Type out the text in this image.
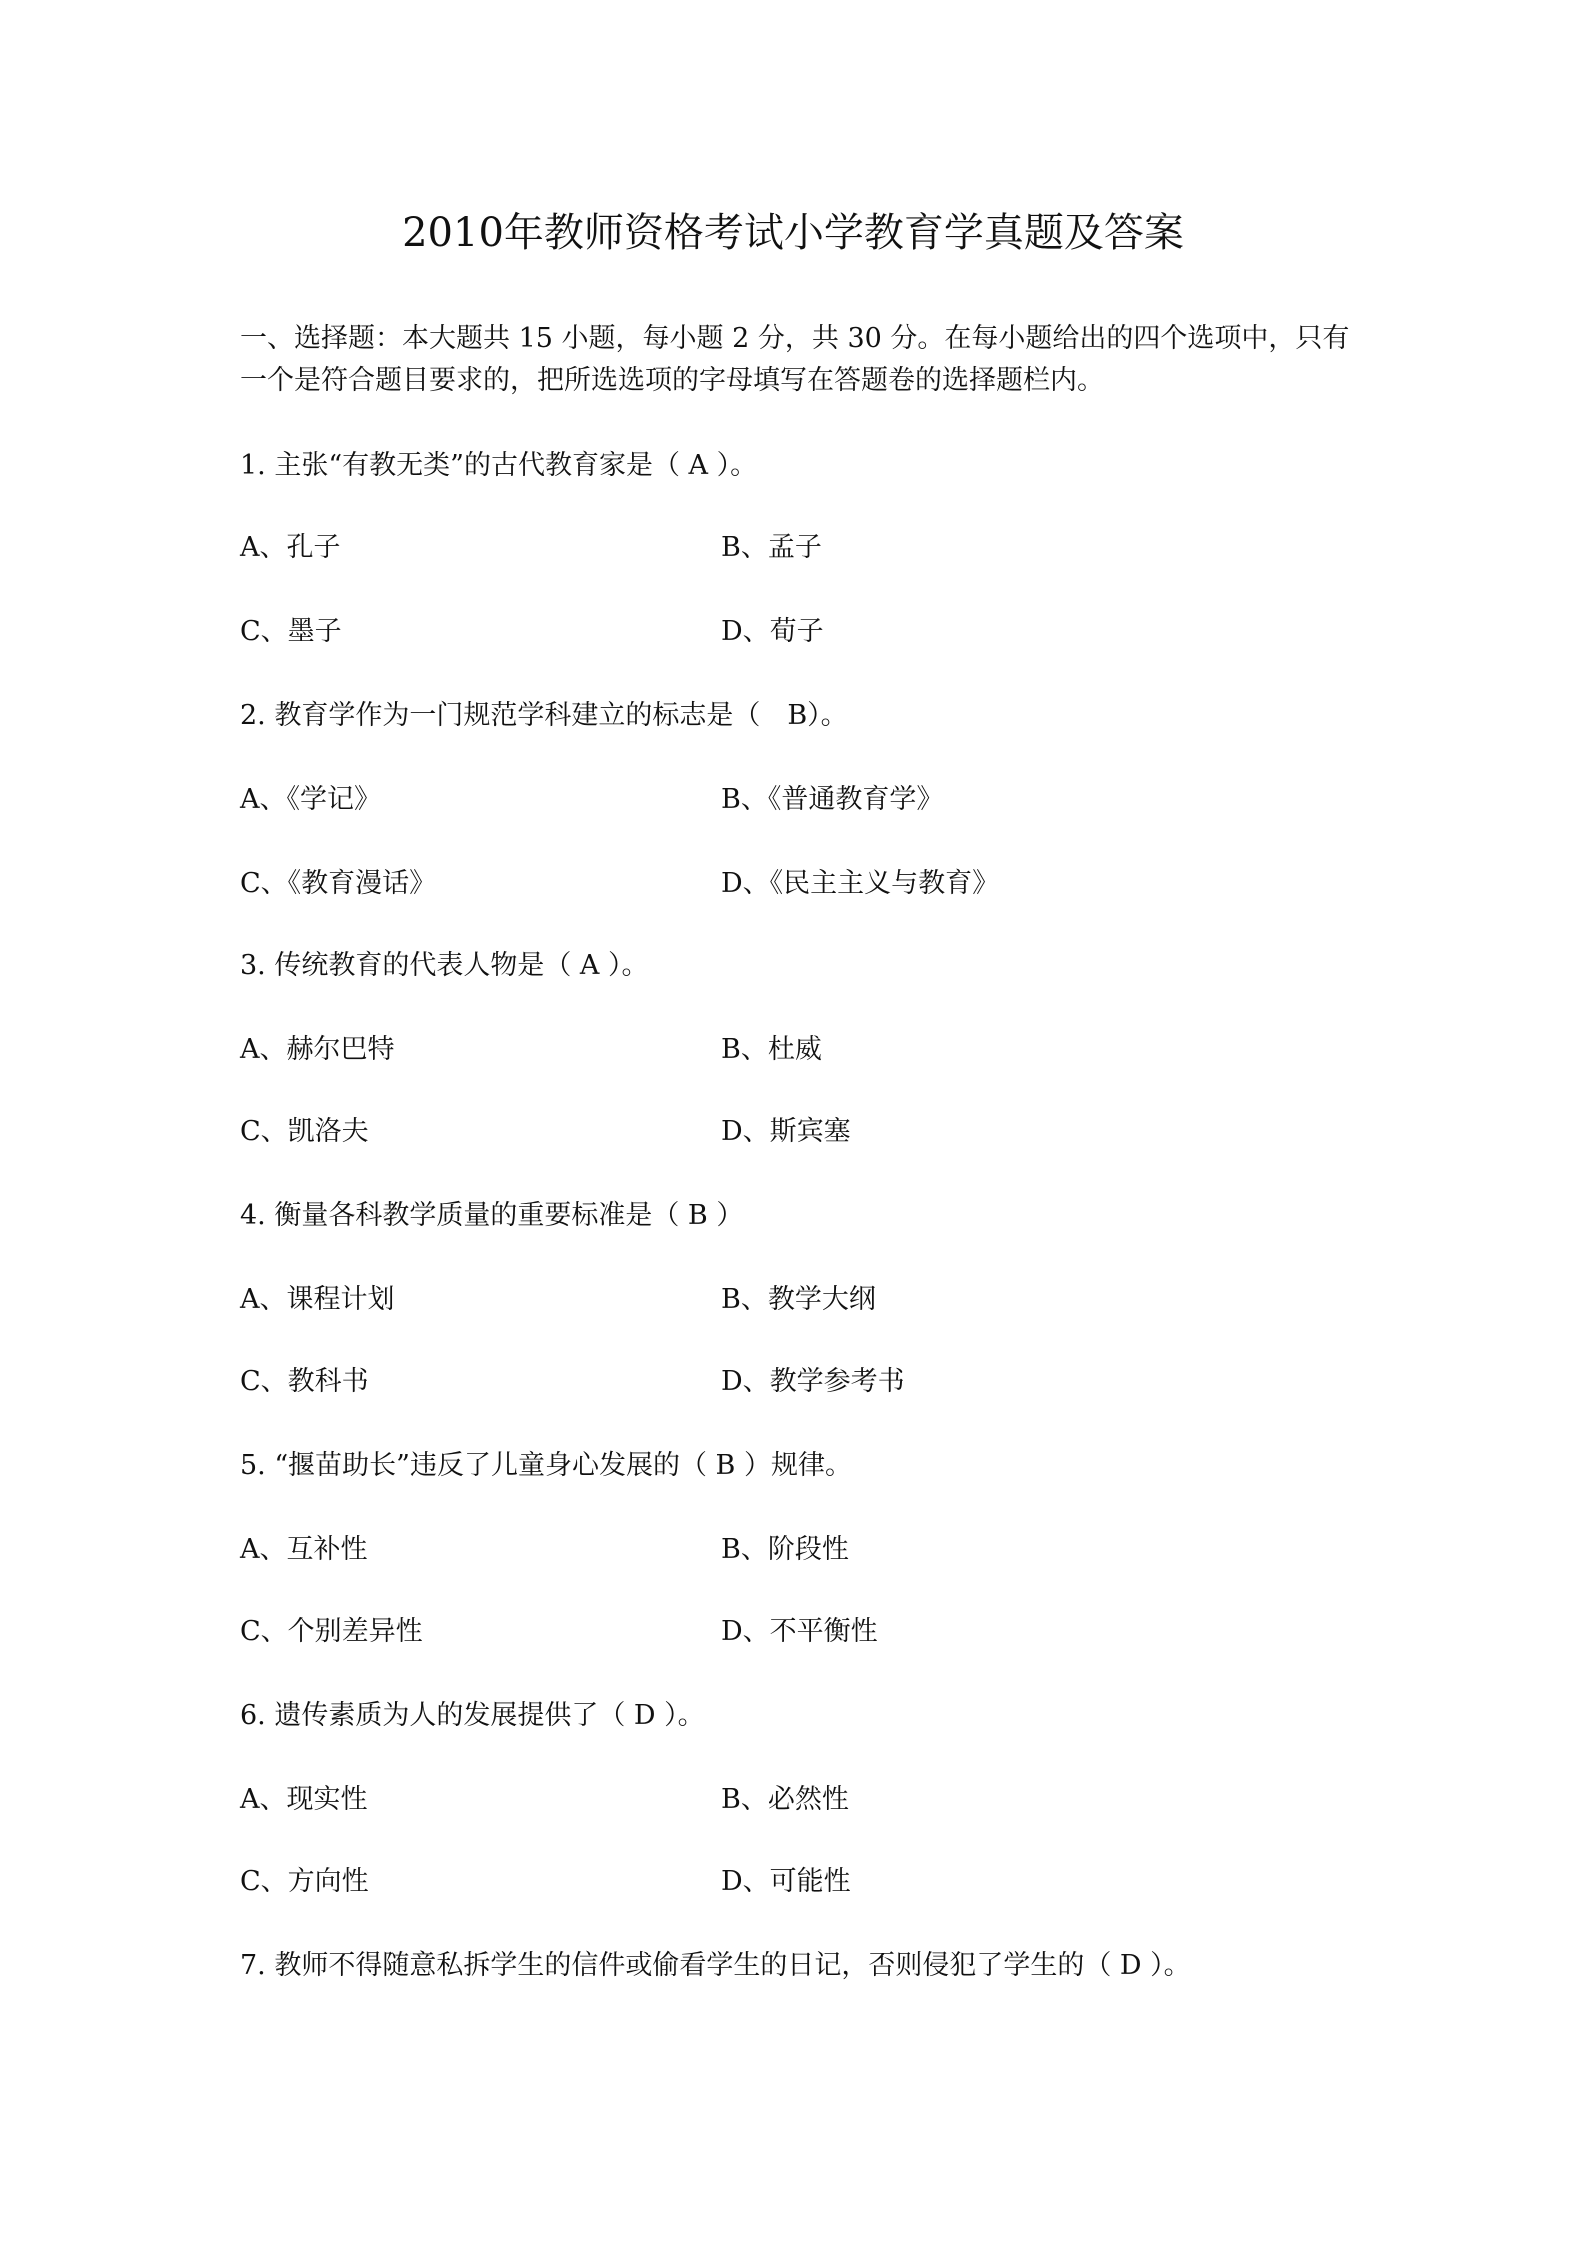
2010年教师资格考试小学教育学真题及答案
一、选择题：本大题共 15 小题，每小题 2 分，共 30 分。在每小题给出的四个选项中，只有
一个是符合题目要求的，把所选选项的字母填写在答题卷的选择题栏内。
1. 主张“有教无类”的古代教育家是（ A ）。
A、孔子	B、孟子
C、墨子	D、荀子
2. 教育学作为一门规范学科建立的标志是（　B）。
A、《学记》	B、《普通教育学》
C、《教育漫话》	D、《民主主义与教育》
3. 传统教育的代表人物是（ A ）。
A、赫尔巴特	B、杜威
C、凯洛夫	D、斯宾塞
4. 衡量各科教学质量的重要标准是（ B ）
A、课程计划	B、教学大纲
C、教科书	D、教学参考书
5. “揠苗助长”违反了儿童身心发展的（ B ）规律。
A、互补性	B、阶段性
C、个别差异性	D、不平衡性
6. 遗传素质为人的发展提供了（ D ）。
A、现实性	B、必然性
C、方向性	D、可能性
7. 教师不得随意私拆学生的信件或偷看学生的日记，否则侵犯了学生的（ D ）。
